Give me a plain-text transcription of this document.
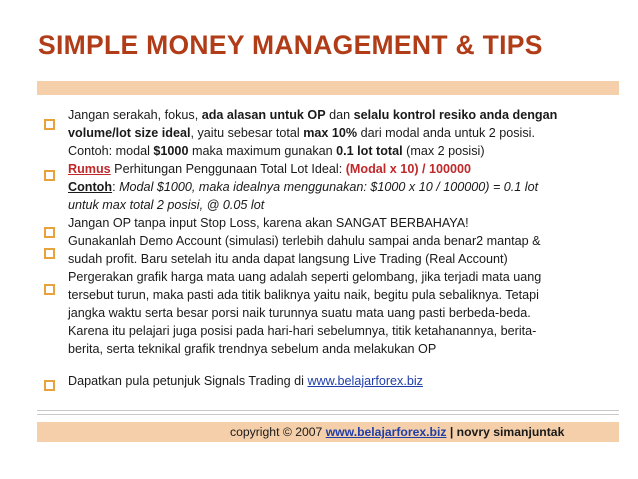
SIMPLE MONEY MANAGEMENT & TIPS
Jangan serakah, fokus, ada alasan untuk OP dan selalu kontrol resiko anda dengan
volume/lot size ideal, yaitu sebesar total max 10% dari modal anda untuk 2 posisi.
Contoh: modal $1000 maka maximum gunakan 0.1 lot total (max 2 posisi)
Rumus Perhitungan Penggunaan Total Lot Ideal: (Modal x 10) / 100000
Contoh: Modal $1000, maka idealnya menggunakan: $1000 x 10 / 100000) = 0.1 lot
untuk max total 2 posisi, @ 0.05 lot
Jangan OP tanpa input Stop Loss, karena akan SANGAT BERBAHAYA!
Gunakanlah Demo Account (simulasi) terlebih dahulu sampai anda benar2 mantap &
sudah profit. Baru setelah itu anda dapat langsung Live Trading (Real Account)
Pergerakan grafik harga mata uang adalah seperti gelombang, jika terjadi mata uang
tersebut turun, maka pasti ada titik baliknya yaitu naik, begitu pula sebaliknya. Tetapi
jangka waktu serta besar porsi naik turunnya suatu mata uang pasti berbeda-beda.
Karena itu pelajari juga posisi pada hari-hari sebelumnya, titik ketahanannya, berita-
berita, serta teknikal grafik trendnya sebelum anda melakukan OP
Dapatkan pula petunjuk Signals Trading di www.belajarforex.biz
copyright © 2007 www.belajarforex.biz | novry simanjuntak
